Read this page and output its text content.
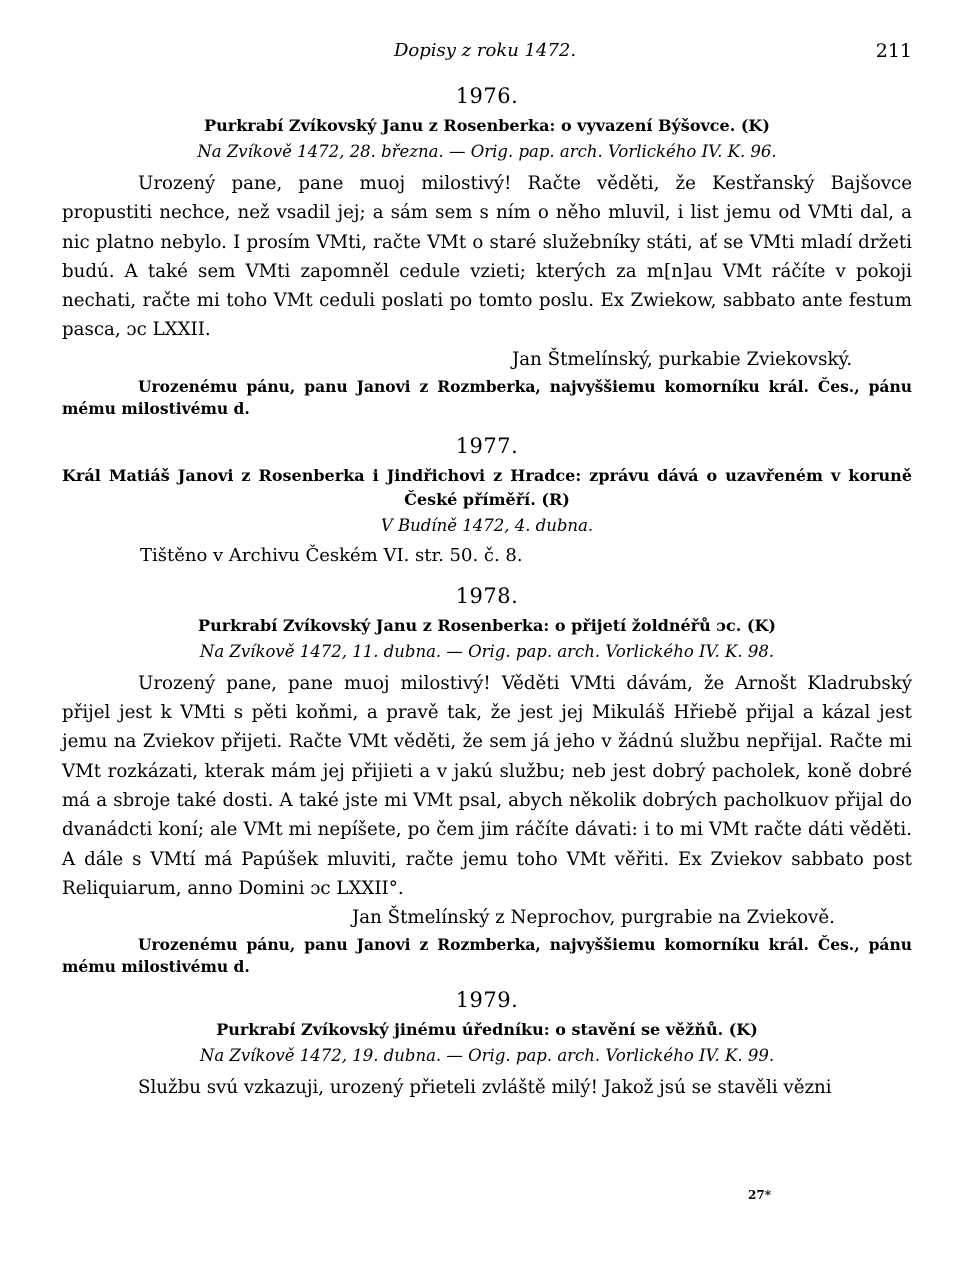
Dopisy z roku 1472.	211
1976.

Purkrabí Zvíkovský Janu z Rosenberka: o vyvazení Býšovce. (K)

Na Zvíkově 1472, 28. března. — Orig. pap. arch. Vorlického IV. K. 96.

Urozený pane, pane muoj milostivý! Račte věděti, že Kestřanský Bajšovce propustiti nechce, než vsadil jej; a sám sem s ním o něho mluvil, i list jemu od VMti dal, a nic platno nebylo. I prosím VMti, račte VMt o staré služebníky státi, ať se VMti mladí držeti budú. A také sem VMti zapomněl cedule vzieti; kterých za m[n]au VMt ráčíte v pokoji nechati, račte mi toho VMt ceduli poslati po tomto poslu. Ex Zwiekow, sabbato ante festum pasca, ɔc LXXII.

Jan Štmelínský, purkabie Zviekovský.

Urozenému pánu, panu Janovi z Rozmberka, najvyššiemu komorníku král. Čes., pánu mému milostivému d.

1977.

Král Matiáš Janovi z Rosenberka i Jindřichovi z Hradce: zprávu dává o uzavřeném v koruně České příměří. (R)

V Budíně 1472, 4. dubna.

Tištěno v Archivu Českém VI. str. 50. č. 8.

1978.

Purkrabí Zvíkovský Janu z Rosenberka: o přijetí žoldnéřů ɔc. (K)

Na Zvíkově 1472, 11. dubna. — Orig. pap. arch. Vorlického IV. K. 98.

Urozený pane, pane muoj milostivý! Věděti VMti dávám, že Arnošt Kladrubský přijel jest k VMti s pěti koňmi, a pravě tak, že jest jej Mikuláš Hřiebě přijal a kázal jest jemu na Zviekov přijeti. Račte VMt věděti, že sem já jeho v žádnú službu nepřijal. Račte mi VMt rozkázati, kterak mám jej přijieti a v jakú službu; neb jest dobrý pacholek, koně dobré má a sbroje také dosti. A také jste mi VMt psal, abych několik dobrých pacholkuov přijal do dvanádcti koní; ale VMt mi nepíšete, po čem jim ráčíte dávati: i to mi VMt račte dáti věděti. A dále s VMtí má Papúšek mluviti, račte jemu toho VMt věřiti. Ex Zviekov sabbato post Reliquiarum, anno Domini ɔc LXXII°.

Jan Štmelínský z Neprochov, purgrabie na Zviekově.

Urozenému pánu, panu Janovi z Rozmberka, najvyššiemu komorníku král. Čes., pánu mému milostivému d.

1979.

Purkrabí Zvíkovský jinému úředníku: o stavění se věžňů. (K)

Na Zvíkově 1472, 19. dubna. — Orig. pap. arch. Vorlického IV. K. 99.

Službu svú vzkazuji, urozený přieteli zvláště milý! Jakož jsú se stavěli vězni

27*
